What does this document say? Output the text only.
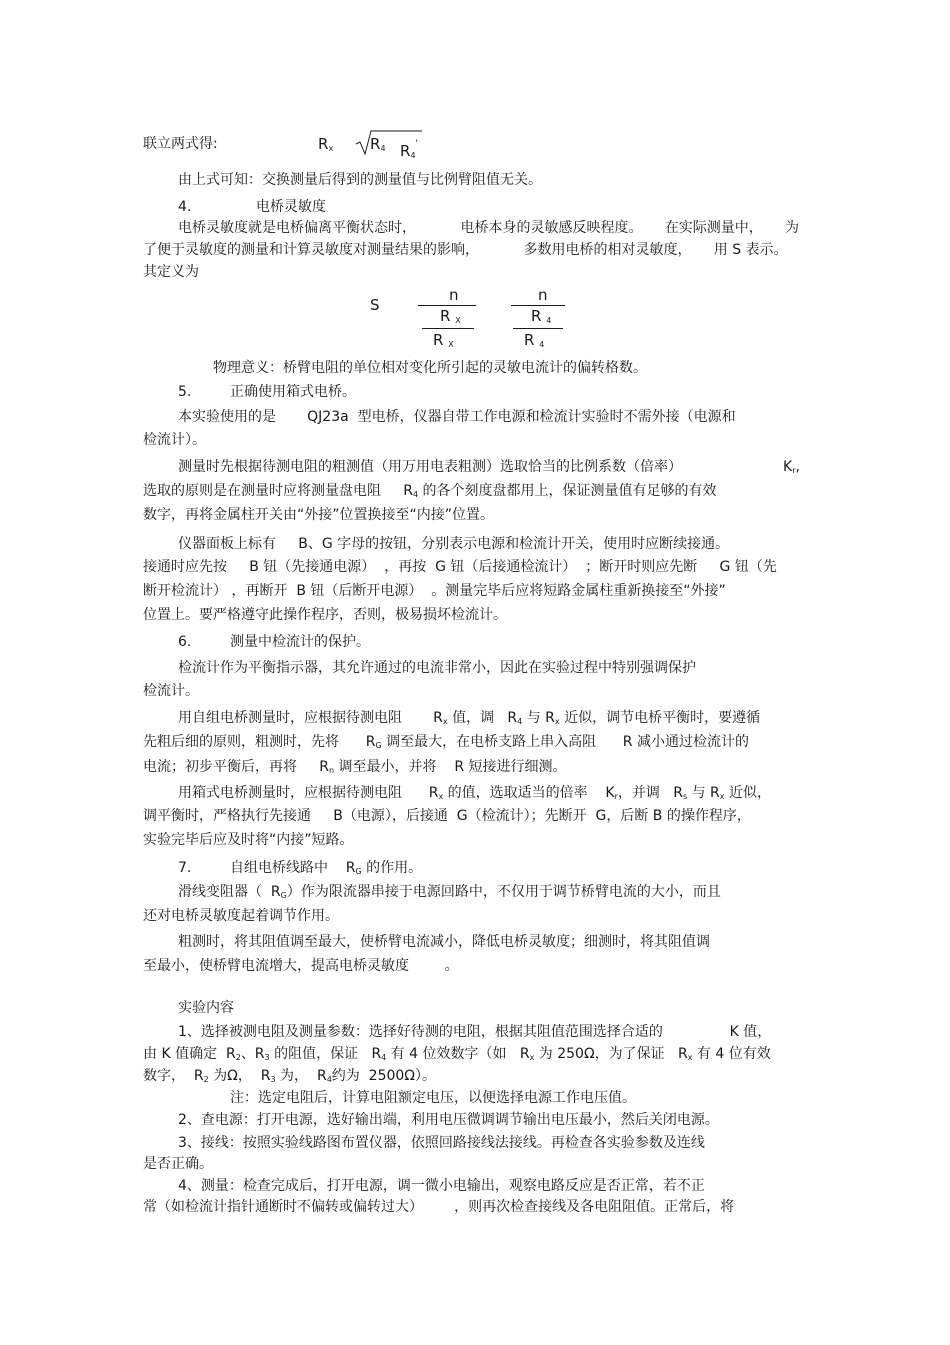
联立两式得:	$R_x$ $R_4$ $R_4'$
由上式可知：交换测量后得到的测量值与比例臂阻值无关。
4.	电桥灵敏度
电桥灵敏度就是电桥偏离平衡状态时，          电桥本身的灵敏感反映程度。     在实际测量中，     为
了便于灵敏度的测量和计算灵敏度对测量结果的影响，          多数用电桥的相对灵敏度，     用 S 表示。
其定义为
S
n
R $_X$
R $_X$
n
R $_4$
R $_4$
物理意义：桥臂电阻的单位相对变化所引起的灵敏电流计的偏转格数。
5.	正确使用箱式电桥。
本实验使用的是       QJ23a  型电桥，仪器自带工作电源和检流计实验时不需外接（电源和
检流计）。
测量时先根据待测电阻的粗测值（用万用电表粗测）选取恰当的比例系数（倍率）	$K_r$,
选取的原则是在测量时应将测量盘电阻 $R_4$ 的各个刻度盘都用上，保证测量值有足够的有效
数字，再将金属柱开关由“外接”位置换接至“内接”位置。
仪器面板上标有     B、G 字母的按钮，分别表示电源和检流计开关，使用时应断续接通。
接通时应先按     B 钮（先接通电源）  ，再按  G 钮（后接通检流计）  ；断开时则应先断     G 钮（先
断开检流计） ，再断开  B 钮（后断开电源）  。测量完毕后应将短路金属柱重新换接至“外接”
位置上。要严格遵守此操作程序，否则，极易损坏检流计。
6.	测量中检流计的保护。
检流计作为平衡指示器，其允许通过的电流非常小，因此在实验过程中特别强调保护
检流计。
用自组电桥测量时，应根据待测电阻       $R_x$ 值，调   $R_4$ 与 $R_x$ 近似，调节电桥平衡时，要遵循
先粗后细的原则，粗测时，先将      $R_G$ 调至最大，在电桥支路上串入高阻      R 减小通过检流计的
电流；初步平衡后，再将     $R_n$ 调至最小，并将    R 短接进行细测。
用箱式电桥测量时，应根据待测电阻      $R_x$ 的值，选取适当的倍率    $K_r$，并调   $R_s$ 与 $R_x$ 近似，
调平衡时，严格执行先接通     B（电源），后接通  G（检流计）；先断开  G，后断 B 的操作程序，
实验完毕后应及时将“内接”短路。
7.	自组电桥线路中    $R_G$ 的作用。
滑线变阻器（  $R_G$）作为限流器串接于电源回路中，不仅用于调节桥臂电流的大小，而且
还对电桥灵敏度起着调节作用。
粗测时，将其阻值调至最大，使桥臂电流减小，降低电桥灵敏度；细测时，将其阻值调
至最小，使桥臂电流增大，提高电桥灵敏度        。
实验内容
1、选择被测电阻及测量参数：选择好待测的电阻，根据其阻值范围选择合适的               K 值，
由 K 值确定  $R_2$、$R_3$ 的阻值，保证   $R_4$ 有 4 位效数字（如   $R_x$ 为 250Ω，为了保证   $R_x$ 有 4 位有效
数字，  $R_2$ 为Ω，  $R_3$ 为，  $R_4$约为  2500Ω）。
注：选定电阻后，计算电阻额定电压，以便选择电源工作电压值。
2、查电源：打开电源，选好输出端，利用电压微调调节输出电压最小，然后关闭电源。
3、接线：按照实验线路图布置仪器，依照回路接线法接线。再检查各实验参数及连线
是否正确。
4、测量：检查完成后，打开电源，调一微小电输出，观察电路反应是否正常，若不正
常（如检流计指针通断时不偏转或偏转过大）       ，则再次检查接线及各电阻阻值。正常后，将
